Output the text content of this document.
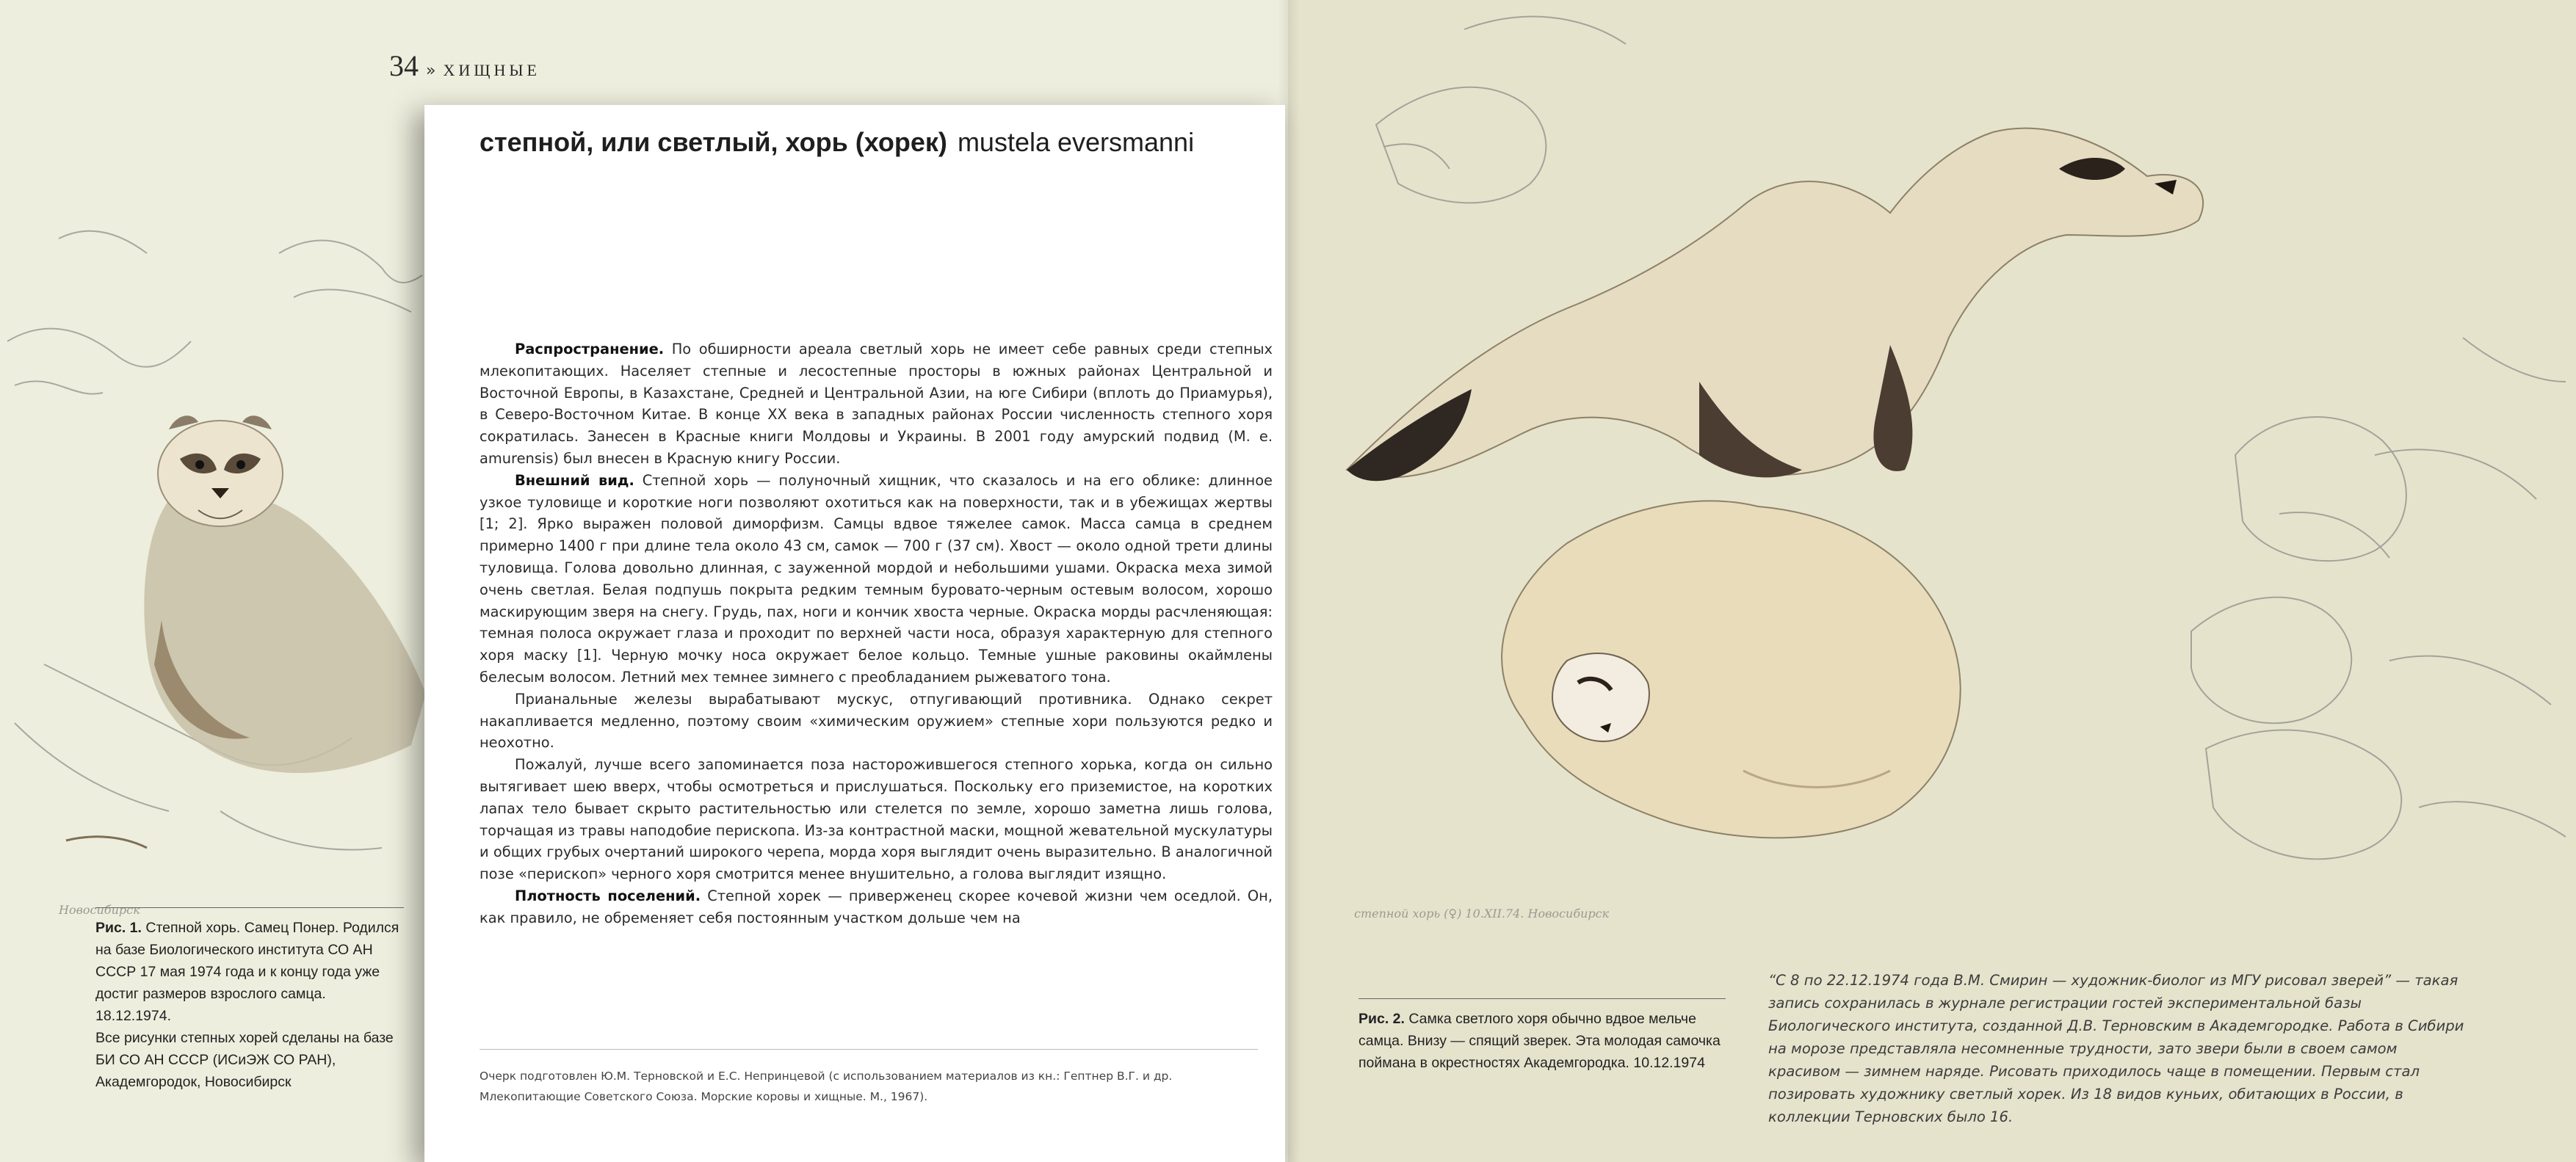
Новосибирск	степной хорь (♀) 10.XII.74. Новосибирск
34 » ХИЩНЫЕ
степной, или светлый, хорь (хорек) mustela eversmanni

Распространение. По обширности ареала светлый хорь не имеет себе равных среди степных млекопитающих. Населяет степные и лесостепные просторы в южных районах Центральной и Восточной Европы, в Казахстане, Средней и Центральной Азии, на юге Сибири (вплоть до Приамурья), в Северо-Восточном Китае. В конце XX века в западных районах России численность степного хоря сократилась. Занесен в Красные книги Молдовы и Украины. В 2001 году амурский подвид (M. e. amurensis) был внесен в Красную книгу России.

Внешний вид. Степной хорь — полуночный хищник, что сказалось и на его облике: длинное узкое туловище и короткие ноги позволяют охотиться как на поверхности, так и в убежищах жертвы [1; 2]. Ярко выражен половой диморфизм. Самцы вдвое тяжелее самок. Масса самца в среднем примерно 1400 г при длине тела около 43 см, самок — 700 г (37 см). Хвост — около одной трети длины туловища. Голова довольно длинная, с зауженной мордой и небольшими ушами. Окраска меха зимой очень светлая. Белая подпушь покрыта редким темным буровато-черным остевым волосом, хорошо маскирующим зверя на снегу. Грудь, пах, ноги и кончик хвоста черные. Окраска морды расчленяющая: темная полоса окружает глаза и проходит по верхней части носа, образуя характерную для степного хоря маску [1]. Черную мочку носа окружает белое кольцо. Темные ушные раковины окаймлены белесым волосом. Летний мех темнее зимнего с преобладанием рыжеватого тона.

Прианальные железы вырабатывают мускус, отпугивающий противника. Однако секрет накапливается медленно, поэтому своим «химическим оружием» степные хори пользуются редко и неохотно.

Пожалуй, лучше всего запоминается поза насторожившегося степного хорька, когда он сильно вытягивает шею вверх, чтобы осмотреться и прислушаться. Поскольку его приземистое, на коротких лапах тело бывает скрыто растительностью или стелется по земле, хорошо заметна лишь голова, торчащая из травы наподобие перископа. Из-за контрастной маски, мощной жевательной мускулатуры и общих грубых очертаний широкого черепа, морда хоря выглядит очень выразительно. В аналогичной позе «перископ» черного хоря смотрится менее внушительно, а голова выглядит изящно.

Плотность поселений. Степной хорек — приверженец скорее кочевой жизни чем оседлой. Он, как правило, не обременяет себя постоянным участком дольше чем на

Очерк подготовлен Ю.М. Терновской и Е.С. Непринцевой (с использованием материалов из кн.: Гептнер В.Г. и др. Млекопитающие Советского Союза. Морские коровы и хищные. М., 1967).
Рис. 1. Степной хорь. Самец Понер. Родился на базе Биологического института СО АН СССР 17 мая 1974 года и к концу года уже достиг размеров взрослого самца. 18.12.1974.
Все рисунки степных хорей сделаны на базе БИ СО АН СССР (ИСиЭЖ СО РАН), Академгородок, Новосибирск
Рис. 2. Самка светлого хоря обычно вдвое мельче самца. Внизу — спящий зверек. Эта молодая самочка поймана в окрестностях Академгородка. 10.12.1974
“С 8 по 22.12.1974 года В.М. Смирин — художник-биолог из МГУ рисовал зверей” — такая запись сохранилась в журнале регистрации гостей экспериментальной базы Биологического института, созданной Д.В. Терновским в Академгородке. Работа в Сибири на морозе представляла несомненные трудности, зато звери были в своем самом красивом — зимнем наряде. Рисовать приходилось чаще в помещении. Первым стал позировать художнику светлый хорек. Из 18 видов куньих, обитающих в России, в коллекции Терновских было 16.
